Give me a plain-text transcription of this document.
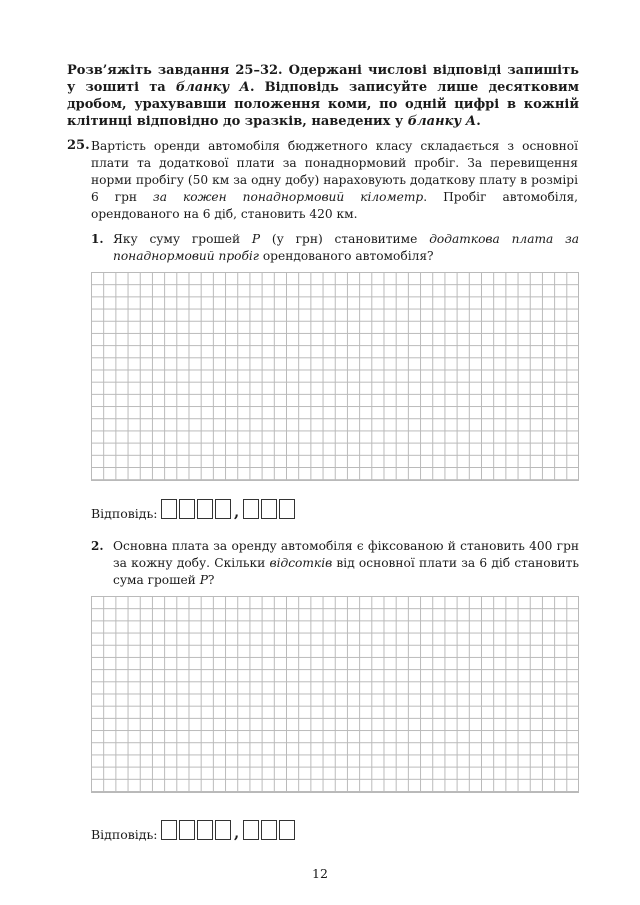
Розв’яжіть завдання 25–32. Одержані числові відповіді запишіть у зошиті та бланку А. Відповідь записуйте лише десятковим дробом, урахувавши положення коми, по одній цифрі в кожній клітинці відповідно до зразків, наведених у бланку А.
25. Вартість оренди автомобіля бюджетного класу складається з основної плати та додаткової плати за понаднормовий пробіг. За перевищення норми пробігу (50 км за одну добу) нараховують додаткову плату в розмірі 6 грн за кожен понаднормовий кілометр. Пробіг автомобіля, орендованого на 6 діб, становить 420 км.
1. Яку суму грошей P (у грн) становитиме додаткова плата за понаднормовий пробіг орендованого автомобіля?
Відповідь:	,
2. Основна плата за оренду автомобіля є фіксованою й становить 400 грн за кожну добу. Скільки відсотків від основної плати за 6 діб становить сума грошей P?
Відповідь:	,
12
